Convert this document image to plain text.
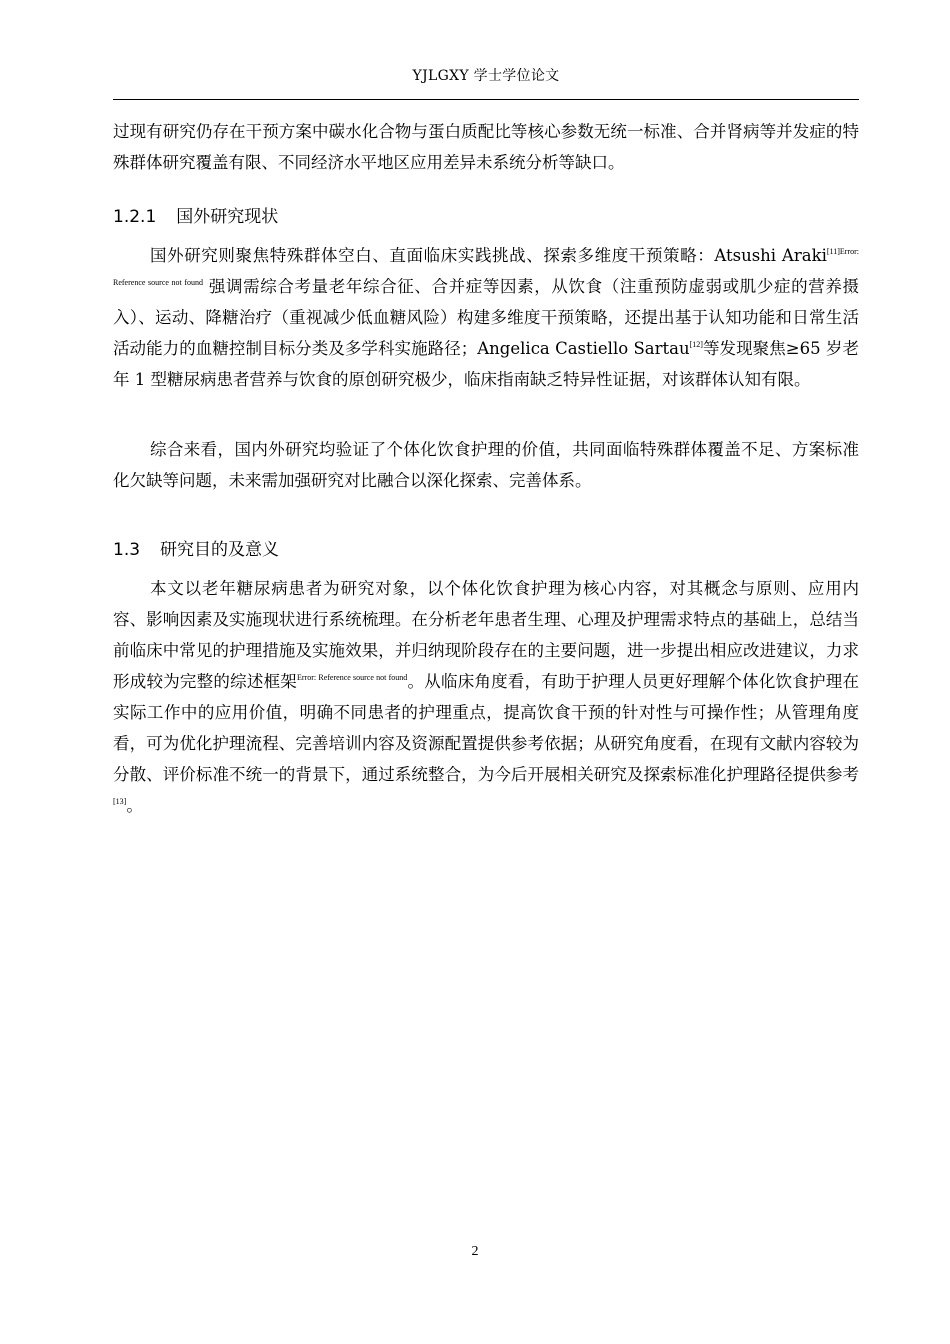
YJLGXY 学士学位论文

过现有研究仍存在干预方案中碳水化合物与蛋白质配比等核心参数无统一标准、合并肾病等并发症的特殊群体研究覆盖有限、不同经济水平地区应用差异未系统分析等缺口。

1.2.1 国外研究现状

国外研究则聚焦特殊群体空白、直面临床实践挑战、探索多维度干预策略：Atsushi Araki$^{[11]Error: Reference source not found}$ 强调需综合考量老年综合征、合并症等因素，从饮食（注重预防虚弱或肌少症的营养摄入）、运动、降糖治疗（重视减少低血糖风险）构建多维度干预策略，还提出基于认知功能和日常生活活动能力的血糖控制目标分类及多学科实施路径；Angelica Castiello Sartau[12]等发现聚焦≥65 岁老年 1 型糖尿病患者营养与饮食的原创研究极少，临床指南缺乏特异性证据，对该群体认知有限。

综合来看，国内外研究均验证了个体化饮食护理的价值，共同面临特殊群体覆盖不足、方案标准化欠缺等问题，未来需加强研究对比融合以深化探索、完善体系。

1.3 研究目的及意义

本文以老年糖尿病患者为研究对象，以个体化饮食护理为核心内容，对其概念与原则、应用内容、影响因素及实施现状进行系统梳理。在分析老年患者生理、心理及护理需求特点的基础上，总结当前临床中常见的护理措施及实施效果，并归纳现阶段存在的主要问题，进一步提出相应改进建议，力求形成较为完整的综述框架$^{Error: Reference source not found}$。从临床角度看，有助于护理人员更好理解个体化饮食护理在实际工作中的应用价值，明确不同患者的护理重点，提高饮食干预的针对性与可操作性；从管理角度看，可为优化护理流程、完善培训内容及资源配置提供参考依据；从研究角度看，在现有文献内容较为分散、评价标准不统一的背景下，通过系统整合，为今后开展相关研究及探索标准化护理路径提供参考[13]。

2
